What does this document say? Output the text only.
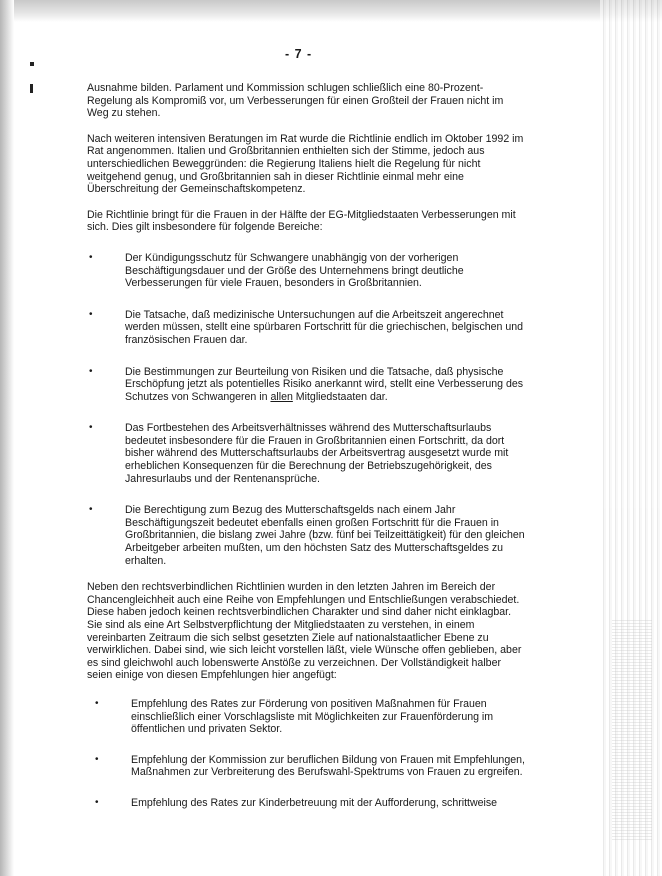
- 7 -

Ausnahme bilden. Parlament und Kommission schlugen schließlich eine 80-Prozent-Regelung als Kompromiß vor, um Verbesserungen für einen Großteil der Frauen nicht im Weg zu stehen.

Nach weiteren intensiven Beratungen im Rat wurde die Richtlinie endlich im Oktober 1992 im Rat angenommen. Italien und Großbritannien enthielten sich der Stimme, jedoch aus unterschiedlichen Beweggründen: die Regierung Italiens hielt die Regelung für nicht weitgehend genug, und Großbritannien sah in dieser Richtlinie einmal mehr eine Überschreitung der Gemeinschaftskompetenz.

Die Richtlinie bringt für die Frauen in der Hälfte der EG-Mitgliedstaaten Verbesserungen mit sich. Dies gilt insbesondere für folgende Bereiche:

•	Der Kündigungsschutz für Schwangere unabhängig von der vorherigen Beschäftigungsdauer und der Größe des Unternehmens bringt deutliche Verbesserungen für viele Frauen, besonders in Großbritannien.
•	Die Tatsache, daß medizinische Untersuchungen auf die Arbeitszeit angerechnet werden müssen, stellt eine spürbaren Fortschritt für die griechischen, belgischen und französischen Frauen dar.
•	Die Bestimmungen zur Beurteilung von Risiken und die Tatsache, daß physische Erschöpfung jetzt als potentielles Risiko anerkannt wird, stellt eine Verbesserung des Schutzes von Schwangeren in allen Mitgliedstaaten dar.
•	Das Fortbestehen des Arbeitsverhältnisses während des Mutterschaftsurlaubs bedeutet insbesondere für die Frauen in Großbritannien einen Fortschritt, da dort bisher während des Mutterschaftsurlaubs der Arbeitsvertrag ausgesetzt wurde mit erheblichen Konsequenzen für die Berechnung der Betriebszugehörigkeit, des Jahresurlaubs und der Rentenansprüche.
•	Die Berechtigung zum Bezug des Mutterschaftsgelds nach einem Jahr Beschäftigungszeit bedeutet ebenfalls einen großen Fortschritt für die Frauen in Großbritannien, die bislang zwei Jahre (bzw. fünf bei Teilzeittätigkeit) für den gleichen Arbeitgeber arbeiten mußten, um den höchsten Satz des Mutterschaftsgeldes zu erhalten.

Neben den rechtsverbindlichen Richtlinien wurden in den letzten Jahren im Bereich der Chancengleichheit auch eine Reihe von Empfehlungen und Entschließungen verabschiedet. Diese haben jedoch keinen rechtsverbindlichen Charakter und sind daher nicht einklagbar. Sie sind als eine Art Selbstverpflichtung der Mitgliedstaaten zu verstehen, in einem vereinbarten Zeitraum die sich selbst gesetzten Ziele auf nationalstaatlicher Ebene zu verwirklichen. Dabei sind, wie sich leicht vorstellen läßt, viele Wünsche offen geblieben, aber es sind gleichwohl auch lobenswerte Anstöße zu verzeichnen. Der Vollständigkeit halber seien einige von diesen Empfehlungen hier angefügt:

•	Empfehlung des Rates zur Förderung von positiven Maßnahmen für Frauen einschließlich einer Vorschlagsliste mit Möglichkeiten zur Frauenförderung im öffentlichen und privaten Sektor.
•	Empfehlung der Kommission zur beruflichen Bildung von Frauen mit Empfehlungen, Maßnahmen zur Verbreiterung des Berufswahl-Spektrums von Frauen zu ergreifen.
•	Empfehlung des Rates zur Kinderbetreuung mit der Aufforderung, schrittweise
